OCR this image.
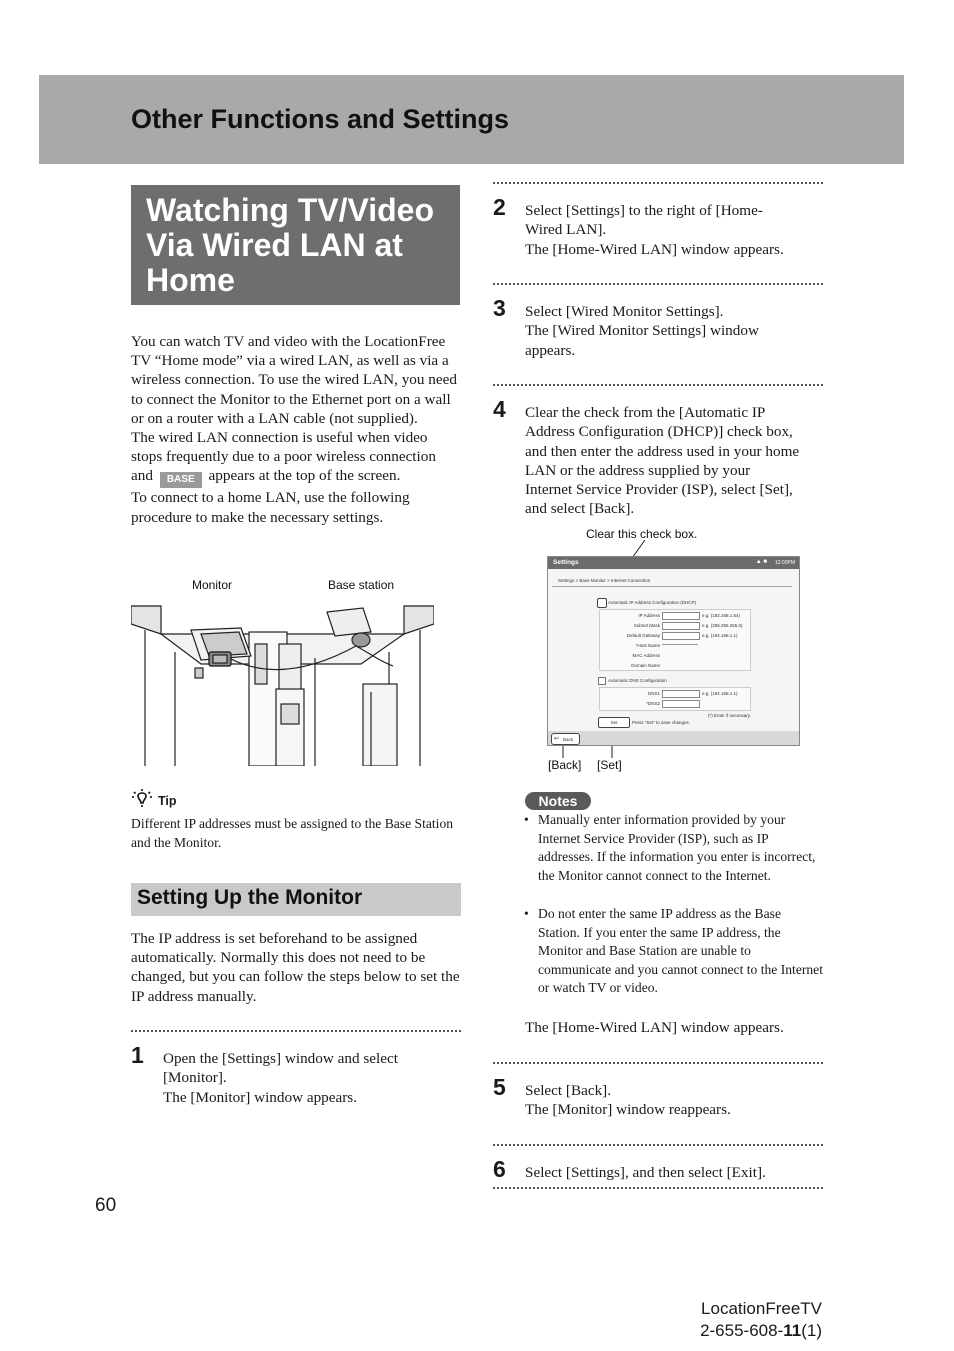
Other Functions and Settings
Watching TV/Video
Via Wired LAN at
Home
You can watch TV and video with the LocationFree TV “Home mode” via a wired LAN, as well as via a wireless connection. To use the wired LAN, you need to connect the Monitor to the Ethernet port on a wall or on a router with a LAN cable (not supplied).
The wired LAN connection is useful when video stops frequently due to a poor wireless connection and BASE appears at the top of the screen.
To connect to a home LAN, use the following procedure to make the necessary settings.
Monitor	Base station
Tip
Different IP addresses must be assigned to the Base Station and the Monitor.
Setting Up the Monitor
The IP address is set beforehand to be assigned automatically. Normally this does not need to be changed, but you can follow the steps below to set the IP address manually.
1 Open the [Settings] window and select
[Monitor].
The [Monitor] window appears.
2 Select [Settings] to the right of [Home-
Wired LAN].
The [Home-Wired LAN] window appears.
3 Select [Wired Monitor Settings].
The [Wired Monitor Settings] window
appears.
4 Clear the check from the [Automatic IP
Address Configuration (DHCP)] check box,
and then enter the address used in your home
LAN or the address supplied by your
Internet Service Provider (ISP), select [Set],
and select [Back].
Clear this check box.
[Back] [Set]
Settings	▲ ■ 12:00PM
Settings > Base Monitor > Internet Connection
Automatic IP Address Configuration (DHCP)
IP Address	e.g. (192.168.1.64)
Subnet Mask	e.g. (255.255.255.0)
Default Gateway	e.g. (192.168.1.1)
*Host Name
MAC Address
Domain Name
Automatic DNS Configuration
DNS1	e.g. (192.168.1.1)
*DNS2
(*) Enter if necessary.
Set	Press "Set" to save changes.
↩ Back
Notes
• Manually enter information provided by your Internet Service Provider (ISP), such as IP addresses. If the information you enter is incorrect, the Monitor cannot connect to the Internet.
• Do not enter the same IP address as the Base Station. If you enter the same IP address, the Monitor and Base Station are unable to communicate and you cannot connect to the Internet or watch TV or video.
The [Home-Wired LAN] window appears.
5 Select [Back].
The [Monitor] window reappears.
6 Select [Settings], and then select [Exit].
60
LocationFreeTV
2-655-608-11(1)
